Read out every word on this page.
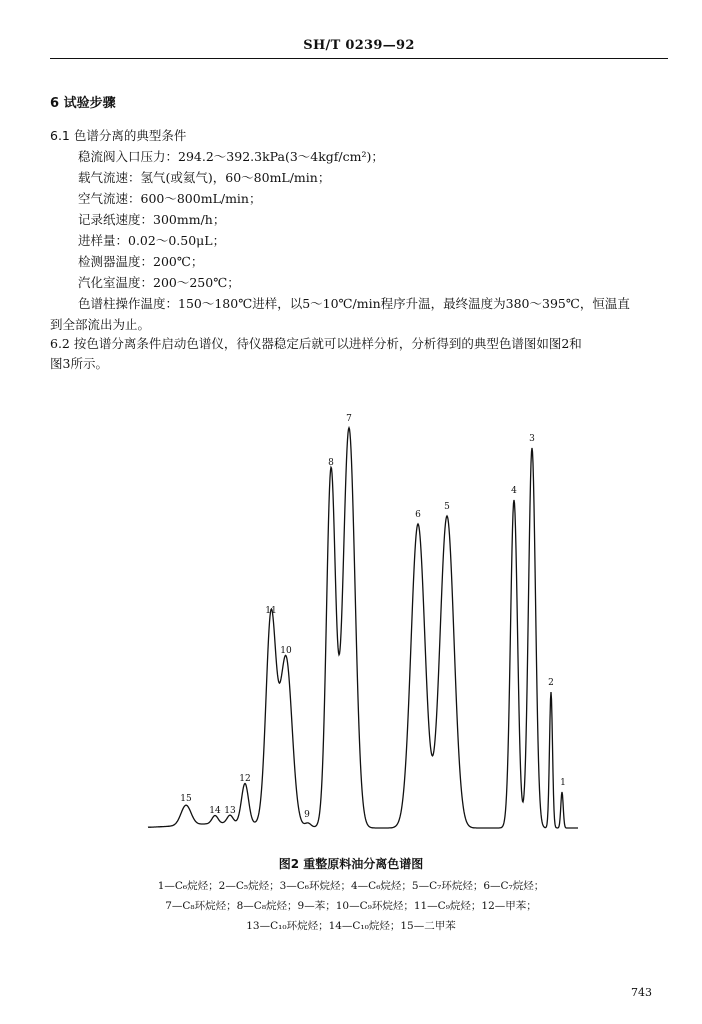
SH/T 0239—92
6 试验步骤
6.1 色谱分离的典型条件
稳流阀入口压力：294.2～392.3kPa(3～4kgf/cm²)；
载气流速：氢气(或氦气)，60～80mL/min；
空气流速：600～800mL/min；
记录纸速度：300mm/h；
进样量：0.02～0.50μL；
检测器温度：200℃；
汽化室温度：200～250℃；
色谱柱操作温度：150～180℃进样，以5～10℃/min程序升温，最终温度为380～395℃，恒温直
到全部流出为止。
6.2 按色谱分离条件启动色谱仪，待仪器稳定后就可以进样分析，分析得到的典型色谱图如图2和
图3所示。
15
14 13
12
11
10
9
8
7
6
5
4
3
2
1
图2 重整原料油分离色谱图
1—C₆烷烃；2—C₅烷烃；3—C₆环烷烃；4—C₆烷烃；5—C₇环烷烃；6—C₇烷烃；
7—C₈环烷烃；8—C₈烷烃；9—苯；10—C₉环烷烃；11—C₉烷烃；12—甲苯；
13—C₁₀环烷烃；14—C₁₀烷烃；15—二甲苯
743
